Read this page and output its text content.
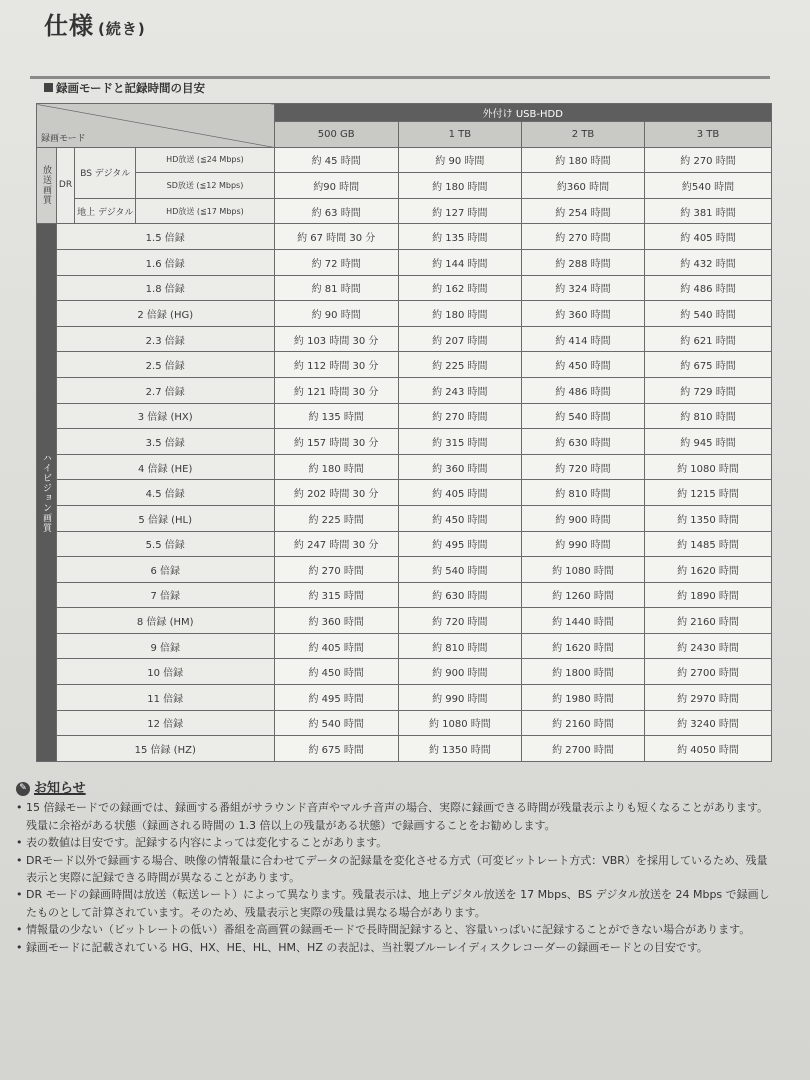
仕様 (続き)
録画モードと記録時間の目安
録画モード				外付け USB-HDD			
				500 GB	1 TB	2 TB	3 TB
放送画質	DR	BS デジタル	HD放送 (≦24 Mbps)	約 45 時間	約 90 時間	約 180 時間	約 270 時間
			SD放送 (≦12 Mbps)	約90 時間	約 180 時間	約360 時間	約540 時間
		地上 デジタル	HD放送 (≦17 Mbps)	約 63 時間	約 127 時間	約 254 時間	約 381 時間
ハイビジョン画質	1.5 倍録			約 67 時間 30 分	約 135 時間	約 270 時間	約 405 時間
	1.6 倍録			約 72 時間	約 144 時間	約 288 時間	約 432 時間
	1.8 倍録			約 81 時間	約 162 時間	約 324 時間	約 486 時間
	2 倍録 (HG)			約 90 時間	約 180 時間	約 360 時間	約 540 時間
	2.3 倍録			約 103 時間 30 分	約 207 時間	約 414 時間	約 621 時間
	2.5 倍録			約 112 時間 30 分	約 225 時間	約 450 時間	約 675 時間
	2.7 倍録			約 121 時間 30 分	約 243 時間	約 486 時間	約 729 時間
	3 倍録 (HX)			約 135 時間	約 270 時間	約 540 時間	約 810 時間
	3.5 倍録			約 157 時間 30 分	約 315 時間	約 630 時間	約 945 時間
	4 倍録 (HE)			約 180 時間	約 360 時間	約 720 時間	約 1080 時間
	4.5 倍録			約 202 時間 30 分	約 405 時間	約 810 時間	約 1215 時間
	5 倍録 (HL)			約 225 時間	約 450 時間	約 900 時間	約 1350 時間
	5.5 倍録			約 247 時間 30 分	約 495 時間	約 990 時間	約 1485 時間
	6 倍録			約 270 時間	約 540 時間	約 1080 時間	約 1620 時間
	7 倍録			約 315 時間	約 630 時間	約 1260 時間	約 1890 時間
	8 倍録 (HM)			約 360 時間	約 720 時間	約 1440 時間	約 2160 時間
	9 倍録			約 405 時間	約 810 時間	約 1620 時間	約 2430 時間
	10 倍録			約 450 時間	約 900 時間	約 1800 時間	約 2700 時間
	11 倍録			約 495 時間	約 990 時間	約 1980 時間	約 2970 時間
	12 倍録			約 540 時間	約 1080 時間	約 2160 時間	約 3240 時間
	15 倍録 (HZ)			約 675 時間	約 1350 時間	約 2700 時間	約 4050 時間
✎ お知らせ
• 15 倍録モードでの録画では、録画する番組がサラウンド音声やマルチ音声の場合、実際に録画できる時間が残量表示よりも短くなることがあります。残量に余裕がある状態（録画される時間の 1.3 倍以上の残量がある状態）で録画することをお勧めします。
• 表の数値は目安です。記録する内容によっては変化することがあります。
• DRモード以外で録画する場合、映像の情報量に合わせてデータの記録量を変化させる方式（可変ビットレート方式：VBR）を採用しているため、残量表示と実際に記録できる時間が異なることがあります。
• DR モードの録画時間は放送（転送レート）によって異なります。残量表示は、地上デジタル放送を 17 Mbps、BS デジタル放送を 24 Mbps で録画したものとして計算されています。そのため、残量表示と実際の残量は異なる場合があります。
• 情報量の少ない（ビットレートの低い）番組を高画質の録画モードで長時間記録すると、容量いっぱいに記録することができない場合があります。
• 録画モードに記載されている HG、HX、HE、HL、HM、HZ の表記は、当社製ブルーレイディスクレコーダーの録画モードとの目安です。
